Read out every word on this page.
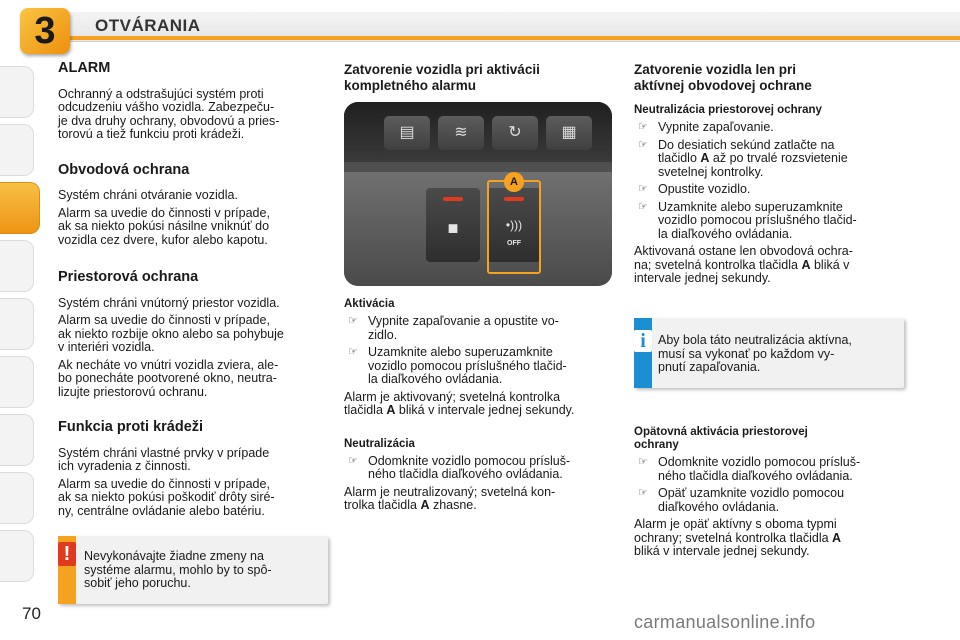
3	OTVÁRANIA
ALARM
Ochranný a odstrašujúci systém proti
odcudzeniu vášho vozidla. Zabezpeču-
je dva druhy ochrany, obvodovú a pries-
torovú a tiež funkciu proti krádeži.
Obvodová ochrana
Systém chráni otváranie vozidla.
Alarm sa uvedie do činnosti v prípade,
ak sa niekto pokúsi násilne vniknúť do
vozidla cez dvere, kufor alebo kapotu.
Priestorová ochrana
Systém chráni vnútorný priestor vozidla.
Alarm sa uvedie do činnosti v prípade,
ak niekto rozbije okno alebo sa pohybuje
v interiéri vozidla.
Ak necháte vo vnútri vozidla zviera, ale-
bo ponecháte pootvorené okno, neutra-
lizujte priestorovú ochranu.
Funkcia proti krádeži
Systém chráni vlastné prvky v prípade
ich vyradenia z činnosti.
Alarm sa uvedie do činnosti v prípade,
ak sa niekto pokúsi poškodiť drôty siré-
ny, centrálne ovládanie alebo batériu.
!	Nevykonávajte žiadne zmeny na
systéme alarmu, mohlo by to spô-
sobiť jeho poruchu.
Zatvorenie vozidla pri aktivácii
kompletného alarmu
▤	≋	↻	▦
■	•)))
OFF
A
Aktivácia
☞ Vypnite zapaľovanie a opustite vo-
zidlo.
☞ Uzamknite alebo superuzamknite
vozidlo pomocou príslušného tlačid-
la diaľkového ovládania.
Alarm je aktivovaný; svetelná kontrolka
tlačidla A bliká v intervale jednej sekundy.
Neutralizácia
☞ Odomknite vozidlo pomocou prísluš-
ného tlačidla diaľkového ovládania.
Alarm je neutralizovaný; svetelná kon-
trolka tlačidla A zhasne.
Zatvorenie vozidla len pri
aktívnej obvodovej ochrane
Neutralizácia priestorovej ochrany
☞ Vypnite zapaľovanie.
☞ Do desiatich sekúnd zatlačte na
tlačidlo A až po trvalé rozsvietenie
svetelnej kontrolky.
☞ Opustite vozidlo.
☞ Uzamknite alebo superuzamknite
vozidlo pomocou príslušného tlačid-
la diaľkového ovládania.
Aktivovaná ostane len obvodová ochra-
na; svetelná kontrolka tlačidla A bliká v
intervale jednej sekundy.
i Aby bola táto neutralizácia aktívna,
musí sa vykonať po každom vy-
pnutí zapaľovania.
Opätovná aktivácia priestorovej
ochrany
☞ Odomknite vozidlo pomocou prísluš-
ného tlačidla diaľkového ovládania.
☞ Opäť uzamknite vozidlo pomocou
diaľkového ovládania.
Alarm je opäť aktívny s oboma typmi
ochrany; svetelná kontrolka tlačidla A
bliká v intervale jednej sekundy.
70	carmanualsonline.info
